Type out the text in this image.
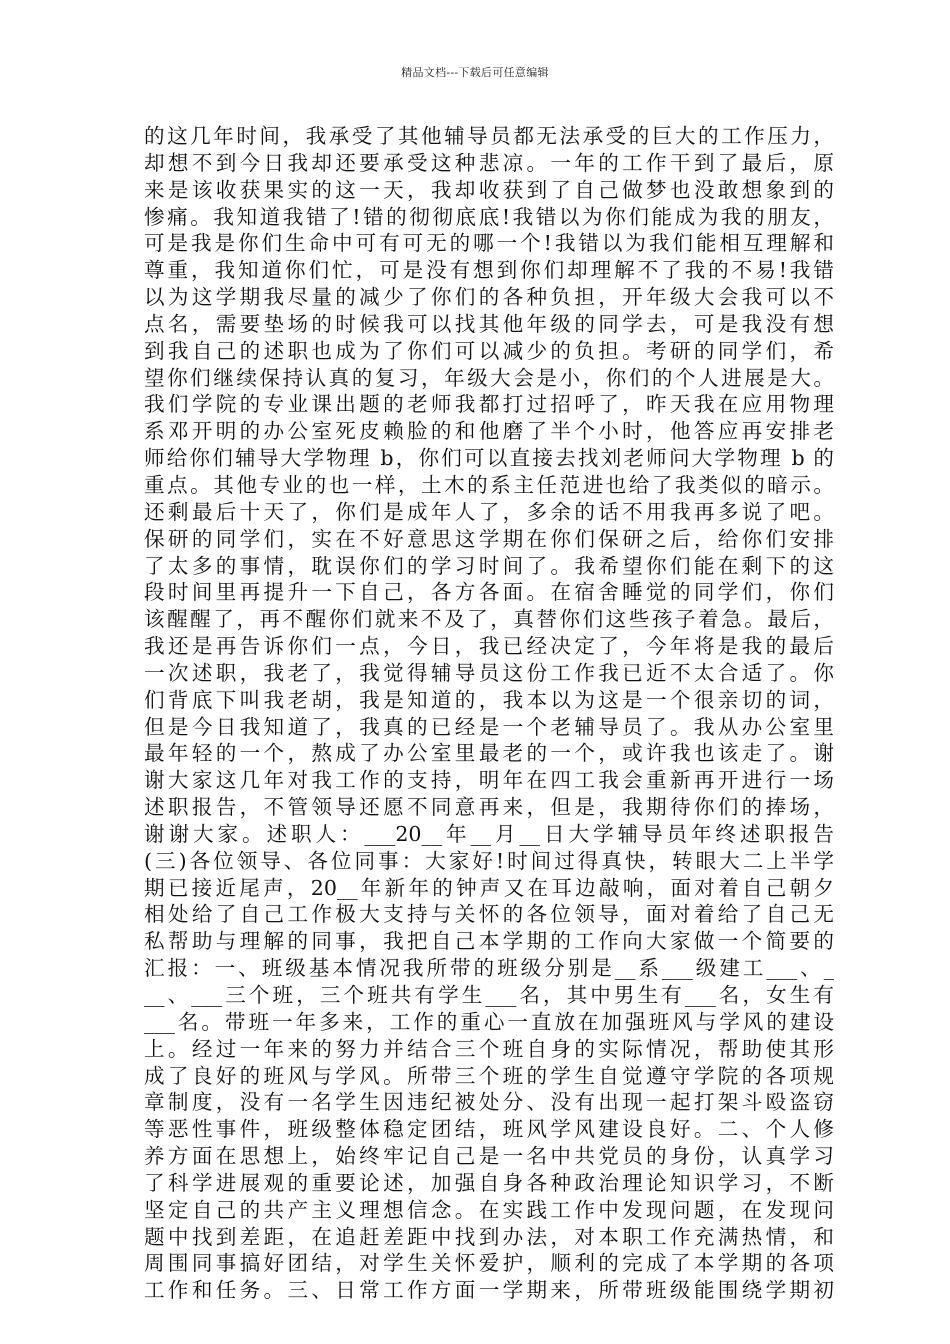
精品文档---下载后可任意编辑
的这几年时间，我承受了其他辅导员都无法承受的巨大的工作压力，
却想不到今日我却还要承受这种悲凉。一年的工作干到了最后，原
来是该收获果实的这一天，我却收获到了自己做梦也没敢想象到的
惨痛。我知道我错了!错的彻彻底底!我错以为你们能成为我的朋友，
可是我是你们生命中可有可无的哪一个!我错以为我们能相互理解和
尊重，我知道你们忙，可是没有想到你们却理解不了我的不易!我错
以为这学期我尽量的减少了你们的各种负担，开年级大会我可以不
点名，需要垫场的时候我可以找其他年级的同学去，可是我没有想
到我自己的述职也成为了你们可以减少的负担。考研的同学们，希
望你们继续保持认真的复习，年级大会是小，你们的个人进展是大。
我们学院的专业课出题的老师我都打过招呼了，昨天我在应用物理
系邓开明的办公室死皮赖脸的和他磨了半个小时，他答应再安排老
师给你们辅导大学物理 b，你们可以直接去找刘老师问大学物理 b 的
重点。其他专业的也一样，土木的系主任范进也给了我类似的暗示。
还剩最后十天了，你们是成年人了，多余的话不用我再多说了吧。
保研的同学们，实在不好意思这学期在你们保研之后，给你们安排
了太多的事情，耽误你们的学习时间了。我希望你们能在剩下的这
段时间里再提升一下自己，各方各面。在宿舍睡觉的同学们，你们
该醒醒了，再不醒你们就来不及了，真替你们这些孩子着急。最后，
我还是再告诉你们一点，今日，我已经决定了，今年将是我的最后
一次述职，我老了，我觉得辅导员这份工作我已近不太合适了。你
们背底下叫我老胡，我是知道的，我本以为这是一个很亲切的词，
但是今日我知道了，我真的已经是一个老辅导员了。我从办公室里
最年轻的一个，熬成了办公室里最老的一个，或许我也该走了。谢
谢大家这几年对我工作的支持，明年在四工我会重新再开进行一场
述职报告，不管领导还愿不同意再来，但是，我期待你们的捧场，
谢谢大家。述职人：___20__年__月__日大学辅导员年终述职报告
(三)各位领导、各位同事：大家好!时间过得真快，转眼大二上半学
期已接近尾声，20__年新年的钟声又在耳边敲响，面对着自己朝夕
相处给了自己工作极大支持与关怀的各位领导，面对着给了自己无
私帮助与理解的同事，我把自己本学期的工作向大家做一个简要的
汇报：一、班级基本情况我所带的班级分别是__系___级建工___、_
__、___三个班，三个班共有学生___名，其中男生有___名，女生有
___名。带班一年多来，工作的重心一直放在加强班风与学风的建设
上。经过一年来的努力并结合三个班自身的实际情况，帮助使其形
成了良好的班风与学风。所带三个班的学生自觉遵守学院的各项规
章制度，没有一名学生因违纪被处分、没有出现一起打架斗殴盗窃
等恶性事件，班级整体稳定团结，班风学风建设良好。二、个人修
养方面在思想上，始终牢记自己是一名中共党员的身份，认真学习
了科学进展观的重要论述，加强自身各种政治理论知识学习，不断
坚定自己的共产主义理想信念。在实践工作中发现问题，在发现问
题中找到差距，在追赶差距中找到办法，对本职工作充满热情，和
周围同事搞好团结，对学生关怀爱护，顺利的完成了本学期的各项
工作和任务。三、日常工作方面一学期来，所带班级能围绕学期初
